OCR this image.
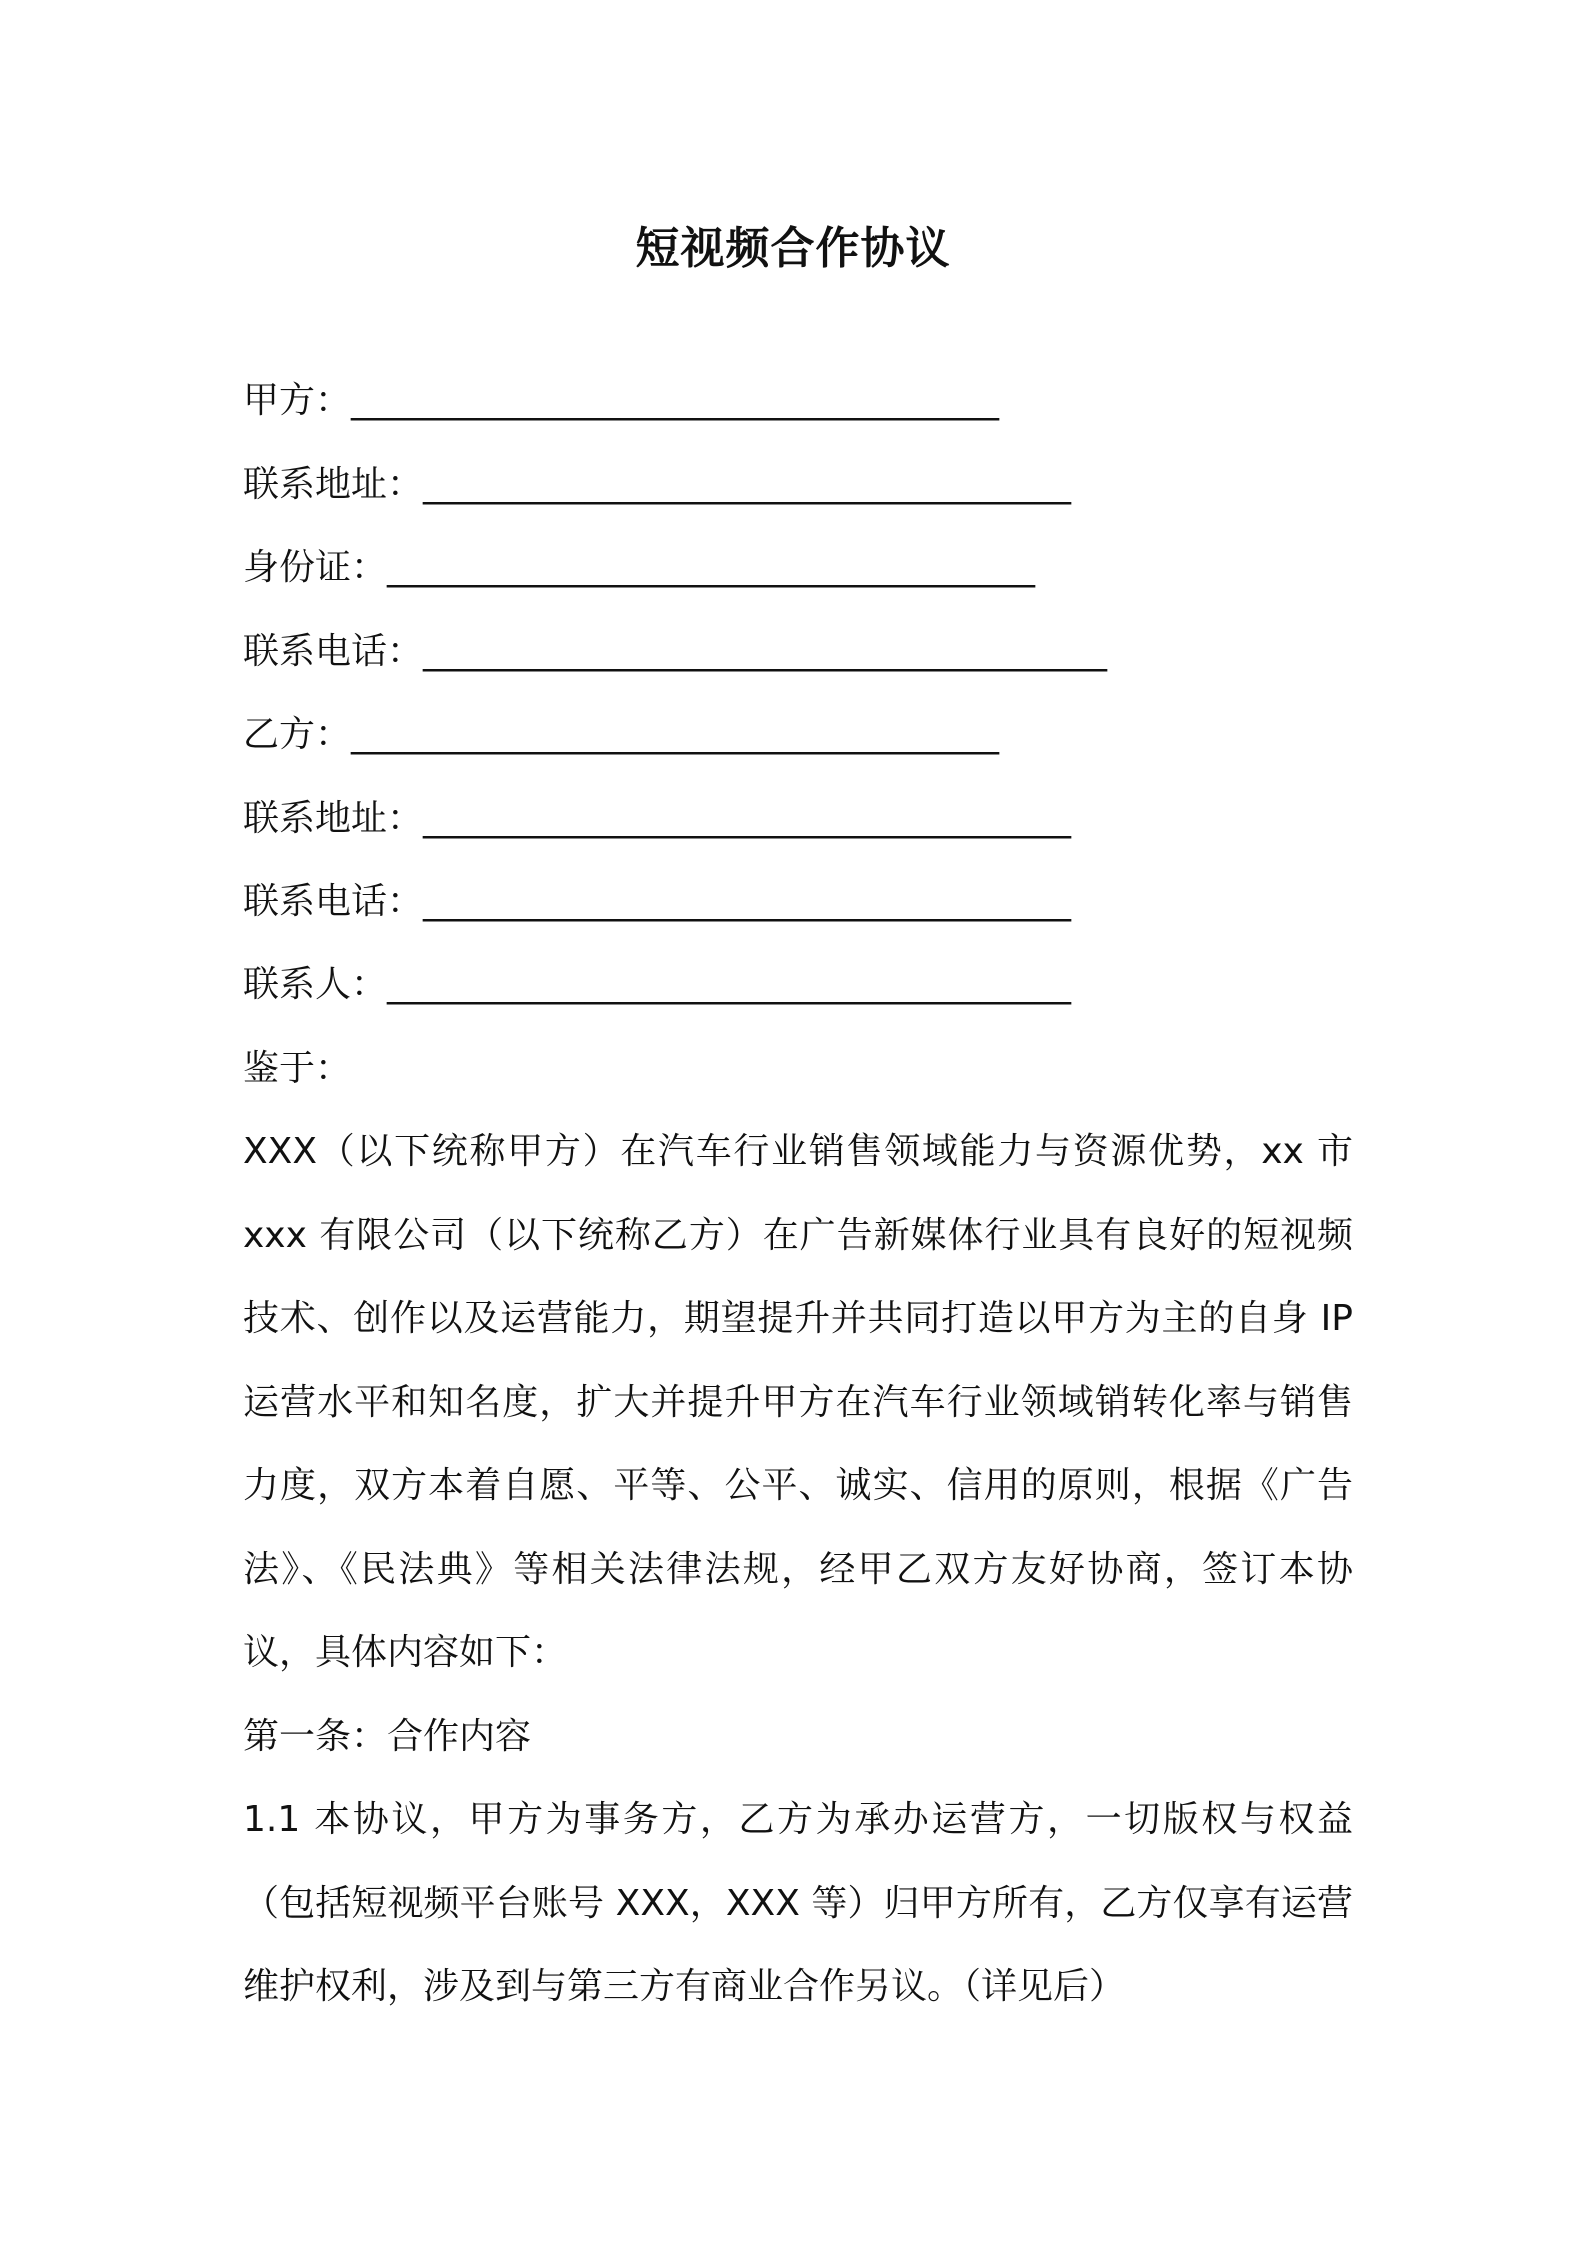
短视频合作协议
甲方：____________________________________
联系地址：____________________________________
身份证：____________________________________
联系电话：______________________________________
乙方：____________________________________
联系地址：____________________________________
联系电话：____________________________________
联系人：______________________________________
鉴于：
XXX（以下统称甲方）在汽车行业销售领域能力与资源优势，xx 市 xxx 有限公司（以下统称乙方）在广告新媒体行业具有良好的短视频技术、创作以及运营能力，期望提升并共同打造以甲方为主的自身 IP 运营水平和知名度，扩大并提升甲方在汽车行业领域销转化率与销售力度，双方本着自愿、平等、公平、诚实、信用的原则，根据《广告法》、《民法典》等相关法律法规，经甲乙双方友好协商，签订本协议，具体内容如下：
第一条：合作内容
1.1 本协议，甲方为事务方，乙方为承办运营方，一切版权与权益（包括短视频平台账号 XXX，XXX 等）归甲方所有，乙方仅享有运营维护权利，涉及到与第三方有商业合作另议。（详见后）
